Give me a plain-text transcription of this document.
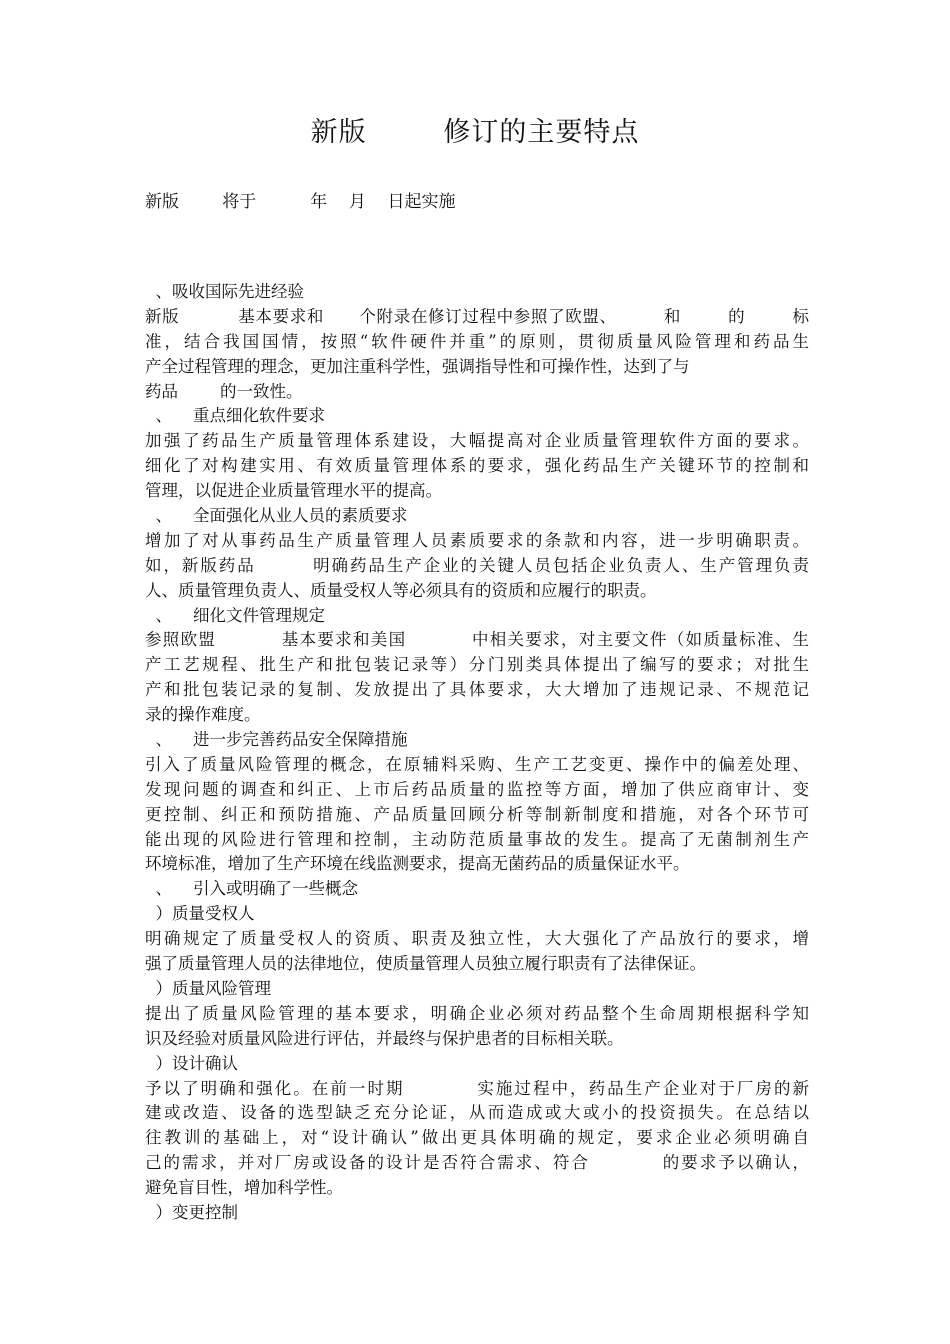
新版        修订的主要特点
新版        将于          年    月    日起实施
、吸收国际先进经验
新版          基本要求和      个附录在修订过程中参照了欧盟、        和        的        标
准，结合我国国情，按照“软件硬件并重”的原则，贯彻质量风险管理和药品生
产全过程管理的理念，更加注重科学性，强调指导性和可操作性，达到了与
药品        的一致性。
、    重点细化软件要求
加强了药品生产质量管理体系建设，大幅提高对企业质量管理软件方面的要求。
细化了对构建实用、有效质量管理体系的要求，强化药品生产关键环节的控制和
管理，以促进企业质量管理水平的提高。
、    全面强化从业人员的素质要求
增加了对从事药品生产质量管理人员素质要求的条款和内容，进一步明确职责。
如，新版药品        明确药品生产企业的关键人员包括企业负责人、生产管理负责
人、质量管理负责人、质量受权人等必须具有的资质和应履行的职责。
、    细化文件管理规定
参照欧盟          基本要求和美国          中相关要求，对主要文件（如质量标准、生
产工艺规程、批生产和批包装记录等）分门别类具体提出了编写的要求；对批生
产和批包装记录的复制、发放提出了具体要求，大大增加了违规记录、不规范记
录的操作难度。
、    进一步完善药品安全保障措施
引入了质量风险管理的概念，在原辅料采购、生产工艺变更、操作中的偏差处理、
发现问题的调查和纠正、上市后药品质量的监控等方面，增加了供应商审计、变
更控制、纠正和预防措施、产品质量回顾分析等制新制度和措施，对各个环节可
能出现的风险进行管理和控制，主动防范质量事故的发生。提高了无菌制剂生产
环境标准，增加了生产环境在线监测要求，提高无菌药品的质量保证水平。
、    引入或明确了一些概念
）质量受权人
明确规定了质量受权人的资质、职责及独立性，大大强化了产品放行的要求，增
强了质量管理人员的法律地位，使质量管理人员独立履行职责有了法律保证。
）质量风险管理
提出了质量风险管理的基本要求，明确企业必须对药品整个生命周期根据科学知
识及经验对质量风险进行评估，并最终与保护患者的目标相关联。
）设计确认
予以了明确和强化。在前一时期          实施过程中，药品生产企业对于厂房的新
建或改造、设备的选型缺乏充分论证，从而造成或大或小的投资损失。在总结以
往教训的基础上，对“设计确认”做出更具体明确的规定，要求企业必须明确自
己的需求，并对厂房或设备的设计是否符合需求、符合          的要求予以确认，
避免盲目性，增加科学性。
）变更控制
